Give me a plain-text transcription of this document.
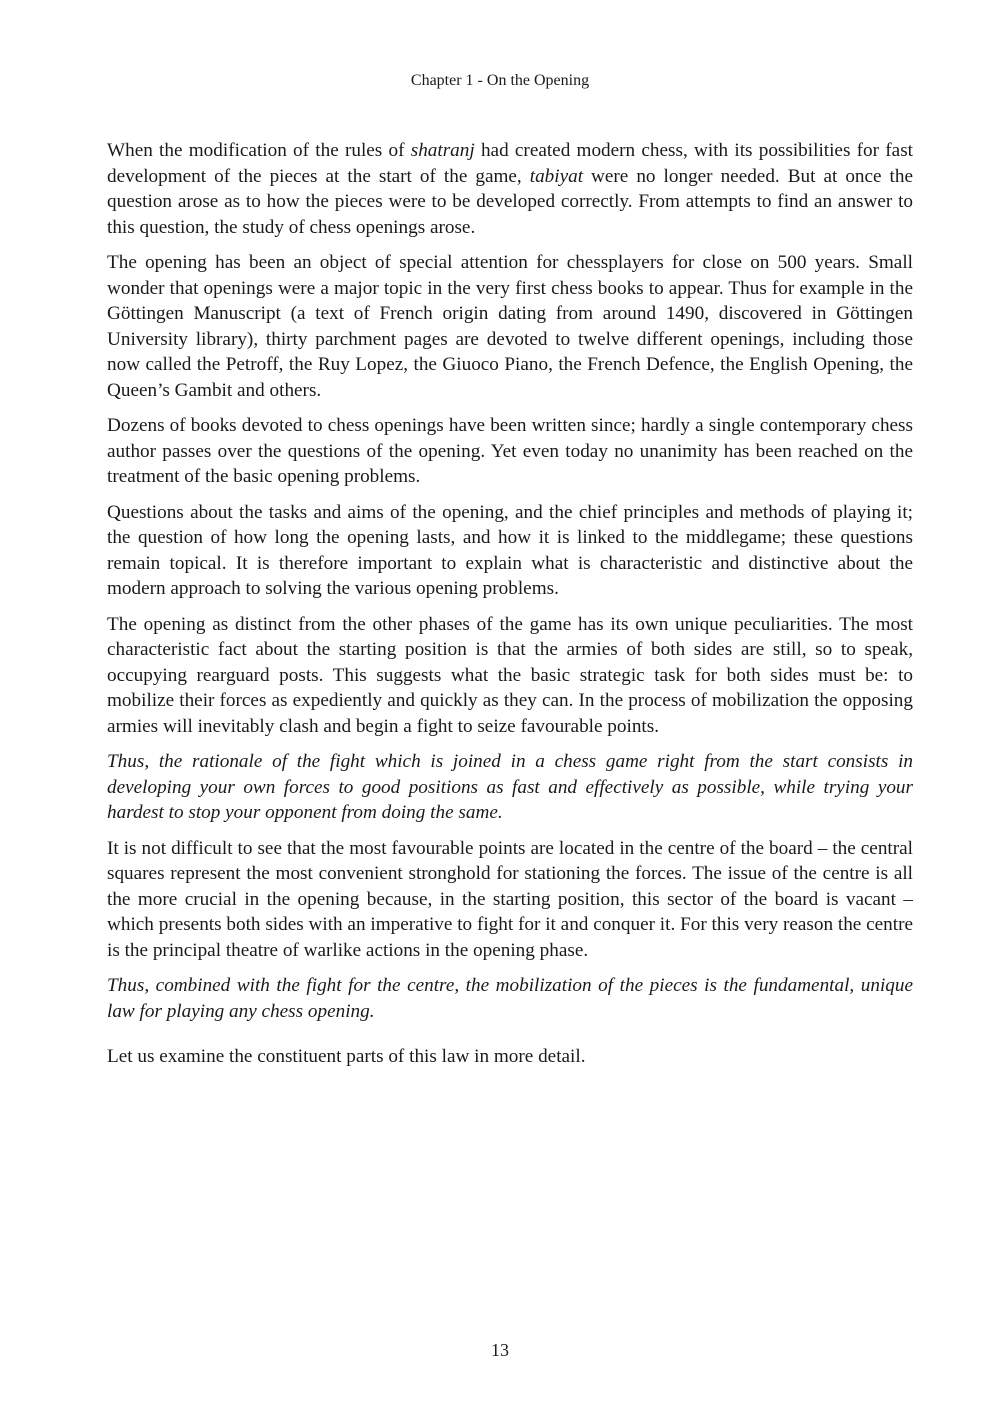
Chapter 1 - On the Opening

When the modification of the rules of shatranj had created modern chess, with its possibilities for fast development of the pieces at the start of the game, tabiyat were no longer needed. But at once the question arose as to how the pieces were to be developed correctly. From attempts to find an answer to this question, the study of chess openings arose.

The opening has been an object of special attention for chessplayers for close on 500 years. Small wonder that openings were a major topic in the very first chess books to appear. Thus for example in the Göttingen Manuscript (a text of French origin dating from around 1490, discovered in Göttingen University library), thirty parchment pages are devoted to twelve different openings, including those now called the Petroff, the Ruy Lopez, the Giuoco Piano, the French Defence, the English Opening, the Queen’s Gambit and others.

Dozens of books devoted to chess openings have been written since; hardly a single contemporary chess author passes over the questions of the opening. Yet even today no unanimity has been reached on the treatment of the basic opening problems.

Questions about the tasks and aims of the opening, and the chief principles and methods of playing it; the question of how long the opening lasts, and how it is linked to the middlegame; these questions remain topical. It is therefore important to explain what is characteristic and distinctive about the modern approach to solving the various opening problems.

The opening as distinct from the other phases of the game has its own unique peculiarities. The most characteristic fact about the starting position is that the armies of both sides are still, so to speak, occupying rearguard posts. This suggests what the basic strategic task for both sides must be: to mobilize their forces as expediently and quickly as they can. In the process of mobilization the opposing armies will inevitably clash and begin a fight to seize favourable points.

Thus, the rationale of the fight which is joined in a chess game right from the start consists in developing your own forces to good positions as fast and effectively as possible, while trying your hardest to stop your opponent from doing the same.

It is not difficult to see that the most favourable points are located in the centre of the board – the central squares represent the most convenient stronghold for stationing the forces. The issue of the centre is all the more crucial in the opening because, in the starting position, this sector of the board is vacant – which presents both sides with an imperative to fight for it and conquer it. For this very reason the centre is the principal theatre of warlike actions in the opening phase.

Thus, combined with the fight for the centre, the mobilization of the pieces is the fundamental, unique law for playing any chess opening.

Let us examine the constituent parts of this law in more detail.

13
